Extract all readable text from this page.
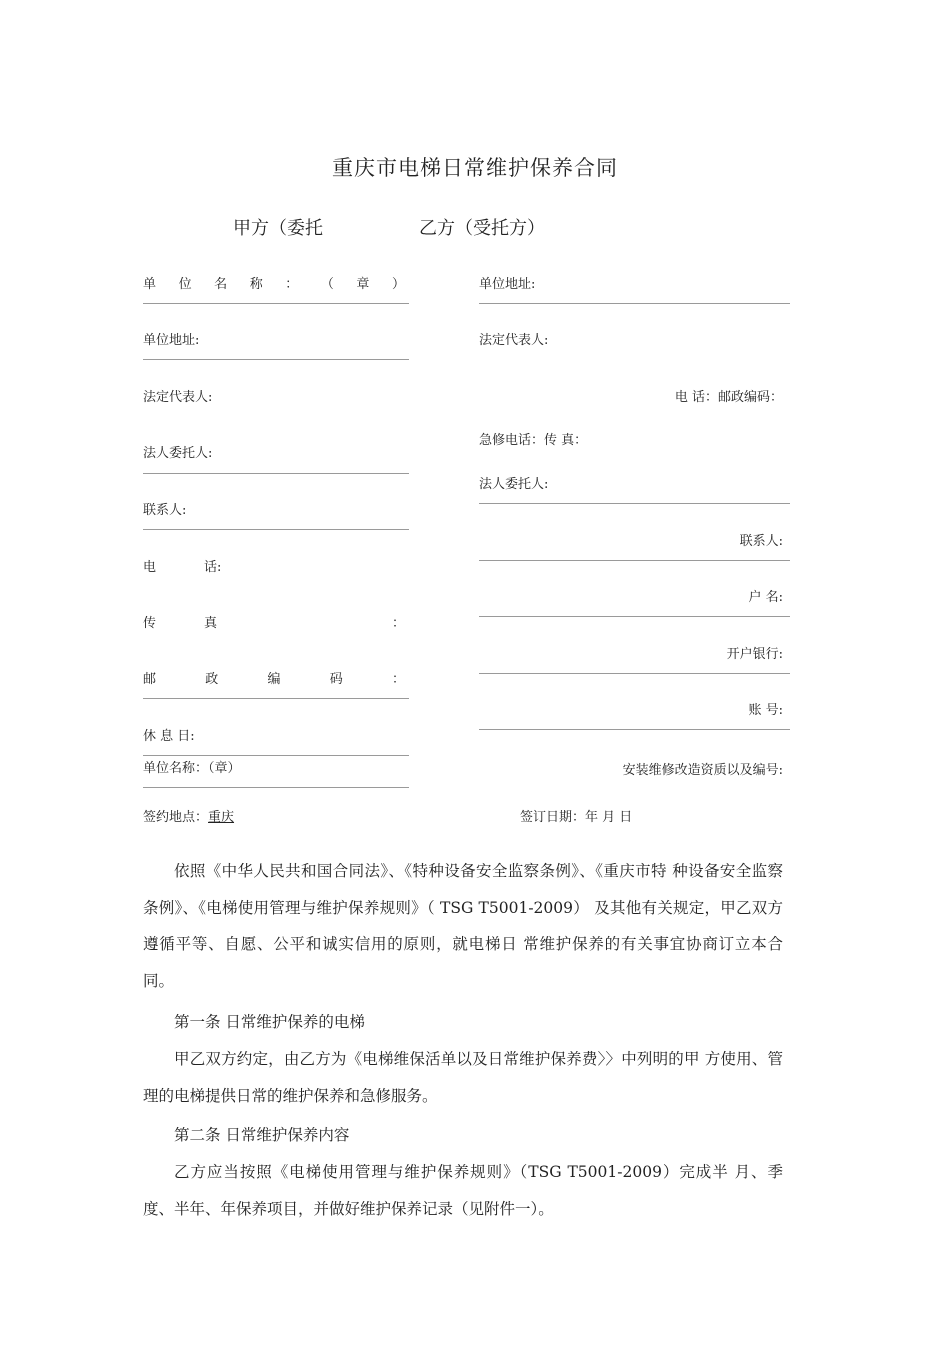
重庆市电梯日常维护保养合同
甲方（委托	乙方（受托方）
单 位 名 称 ： （ 章 ）
单位地址:
法定代表人:
法人委托人:
联系人:
电	话:
传	真	：
邮	政	编	码	：
休 息 日:
单位名称：（章）
单位地址:
法定代表人:
电 话：邮政编码：
急修电话：传 真：
法人委托人:
联系人:
户 名:
开户银行:
账 号:
安装维修改造资质以及编号:
签约地点：重庆	签订日期：年 月 日
依照《中华人民共和国合同法》、《特种设备安全监察条例》、《重庆市特 种设备安全监察条例》、《电梯使用管理与维护保养规则》（ TSG T5001-2009） 及其他有关规定，甲乙双方遵循平等、自愿、公平和诚实信用的原则，就电梯日 常维护保养的有关事宜协商订立本合同。
第一条 日常维护保养的电梯
甲乙双方约定，由乙方为《电梯维保活单以及日常维护保养费〉〉中列明的甲 方使用、管理的电梯提供日常的维护保养和急修服务。
第二条 日常维护保养内容
乙方应当按照《电梯使用管理与维护保养规则》（TSG T5001-2009）完成半 月、季度、半年、年保养项目，并做好维护保养记录（见附件一）。
